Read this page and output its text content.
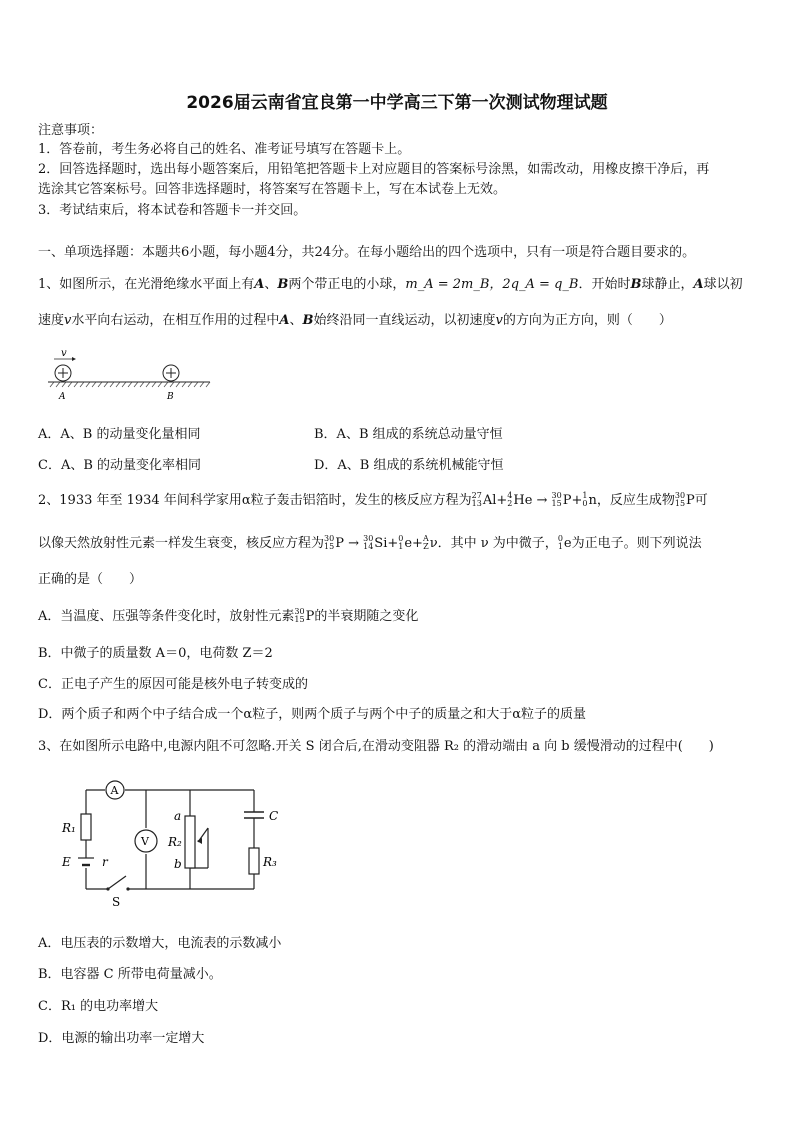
2026届云南省宜良第一中学高三下第一次测试物理试题
注意事项：
1．答卷前，考生务必将自己的姓名、准考证号填写在答题卡上。
2．回答选择题时，选出每小题答案后，用铅笔把答题卡上对应题目的答案标号涂黑，如需改动，用橡皮擦干净后，再
选涂其它答案标号。回答非选择题时，将答案写在答题卡上，写在本试卷上无效。
3．考试结束后，将本试卷和答题卡一并交回。
一、单项选择题：本题共6小题，每小题4分，共24分。在每小题给出的四个选项中，只有一项是符合题目要求的。
1、如图所示，在光滑绝缘水平面上有A、B两个带正电的小球，m_A = 2m_B，2q_A = q_B．开始时B球静止，A球以初
速度v水平向右运动，在相互作用的过程中A、B始终沿同一直线运动，以初速度v的方向为正方向，则（　　）
v
A	B
A．A、B 的动量变化量相同	B．A、B 组成的系统总动量守恒
C．A、B 的动量变化率相同	D．A、B 组成的系统机械能守恒
2、1933 年至 1934 年间科学家用α粒子轰击铝箔时，发生的核反应方程为 27
13 Al+ 4
2 He → 30
15 P+ 1
0 n，反应生成物 30
15 P可
以像天然放射性元素一样发生衰变，核反应方程为 30
15 P → 30
14 Si+ 0
1 e+ A
Z ν．其中 ν 为中微子， 0
1 e为正电子。则下列说法
正确的是（　　）
A．当温度、压强等条件变化时，放射性元素 30
15 P的半衰期随之变化
B．中微子的质量数 A＝0，电荷数 Z＝2
C．正电子产生的原因可能是核外电子转变成的
D．两个质子和两个中子结合成一个α粒子，则两个质子与两个中子的质量之和大于α粒子的质量
3、在如图所示电路中,电源内阻不可忽略.开关 S 闭合后,在滑动变阻器 R₂ 的滑动端由 a 向 b 缓慢滑动的过程中(　　)
A
R₁
E	r
S
V
a
R₂
b
C
R₃
A．电压表的示数增大，电流表的示数减小
B．电容器 C 所带电荷量减小。
C．R₁ 的电功率增大
D．电源的输出功率一定增大
